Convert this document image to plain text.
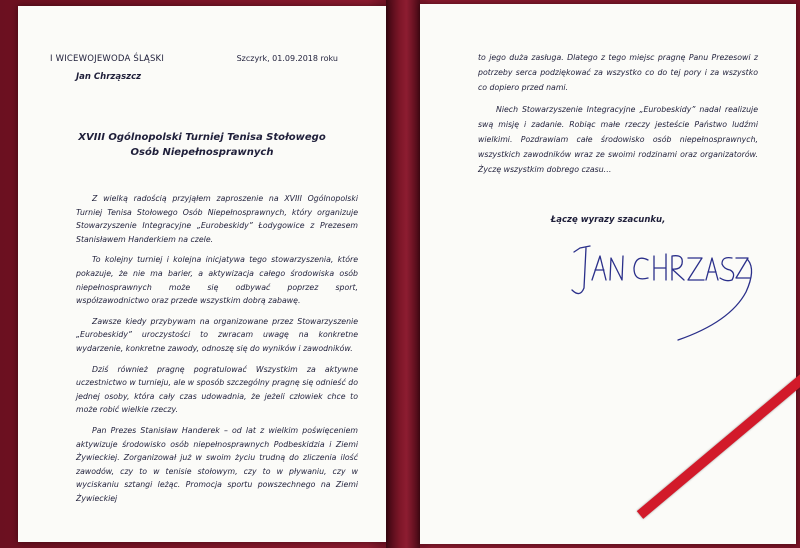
I WICEWOJEWODA ŚLĄSKI	Szczyrk, 01.09.2018 roku
Jan Chrząszcz
XVIII Ogólnopolski Turniej Tenisa Stołowego
Osób Niepełnosprawnych

Z wielką radością przyjąłem zaproszenie na XVIII Ogólnopolski Turniej Tenisa Stołowego Osób Niepełnosprawnych, który organizuje Stowarzyszenie Integracyjne „Eurobeskidy” Łodygowice z Prezesem Stanisławem Handerkiem na czele.

To kolejny turniej i kolejna inicjatywa tego stowarzyszenia, które pokazuje, że nie ma barier, a aktywizacja całego środowiska osób niepełnosprawnych może się odbywać poprzez sport, współzawodnictwo oraz przede wszystkim dobrą zabawę.

Zawsze kiedy przybywam na organizowane przez Stowarzyszenie „Eurobeskidy” uroczystości to zwracam uwagę na konkretne wydarzenie, konkretne zawody, odnoszę się do wyników i zawodników.

Dziś również pragnę pogratulować Wszystkim za aktywne uczestnictwo w turnieju, ale w sposób szczególny pragnę się odnieść do jednej osoby, która cały czas udowadnia, że jeżeli człowiek chce to może robić wielkie rzeczy.

Pan Prezes Stanisław Handerek – od lat z wielkim poświęceniem aktywizuje środowisko osób niepełnosprawnych Podbeskidzia i Ziemi Żywieckiej. Zorganizował już w swoim życiu trudną do zliczenia ilość zawodów, czy to w tenisie stołowym, czy to w pływaniu, czy w wyciskaniu sztangi leżąc. Promocja sportu powszechnego na Ziemi Żywieckiej

to jego duża zasługa. Dlatego z tego miejsc pragnę Panu Prezesowi z potrzeby serca podziękować za wszystko co do tej pory i za wszystko co dopiero przed nami.

Niech Stowarzyszenie Integracyjne „Eurobeskidy” nadal realizuje swą misję i zadanie. Robiąc małe rzeczy jesteście Państwo ludźmi wielkimi. Pozdrawiam całe środowisko osób niepełnosprawnych, wszystkich zawodników wraz ze swoimi rodzinami oraz organizatorów. Życzę wszystkim dobrego czasu…

Łączę wyrazy szacunku,
